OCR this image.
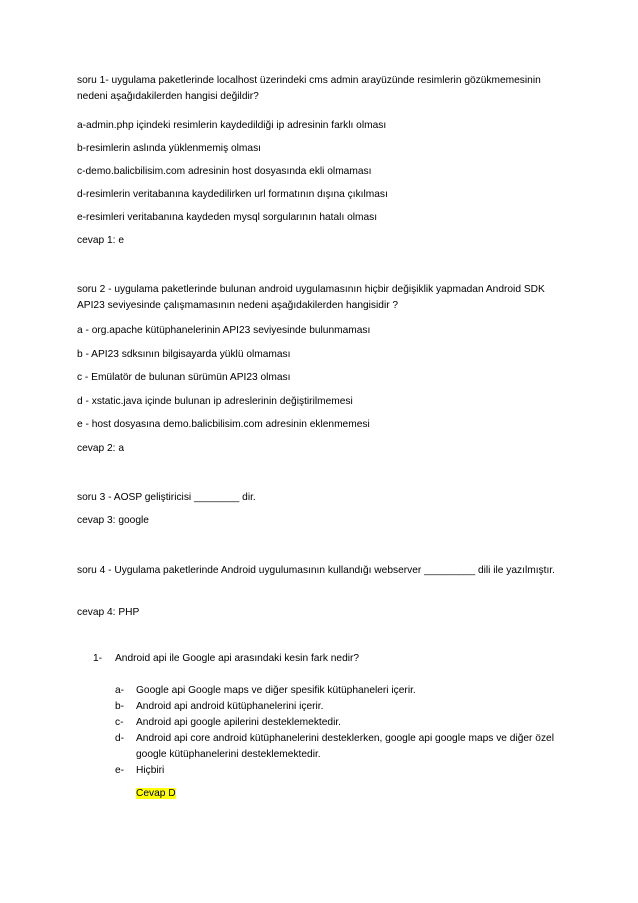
soru 1- uygulama paketlerinde localhost üzerindeki cms admin arayüzünde resimlerin gözükmemesinin nedeni aşağıdakilerden hangisi değildir?
a-admin.php içindeki resimlerin kaydedildiği ip adresinin farklı olması
b-resimlerin aslında yüklenmemiş olması
c-demo.balicbilisim.com adresinin host dosyasında ekli olmaması
d-resimlerin veritabanına kaydedilirken url formatının dışına çıkılması
e-resimleri veritabanına kaydeden mysql sorgularının hatalı olması
cevap 1: e
soru 2 - uygulama paketlerinde bulunan android uygulamasının hiçbir değişiklik yapmadan Android SDK API23 seviyesinde çalışmamasının nedeni aşağıdakilerden hangisidir ?
a - org.apache kütüphanelerinin API23 seviyesinde bulunmaması
b - API23 sdksının bilgisayarda yüklü olmaması
c - Emülatör de bulunan sürümün API23 olması
d - xstatic.java içinde bulunan ip adreslerinin değiştirilmemesi
e - host dosyasına demo.balicbilisim.com adresinin eklenmemesi
cevap 2: a
soru 3 - AOSP geliştiricisi ________ dir.
cevap 3: google
soru 4 - Uygulama paketlerinde Android uygulumasının kullandığı webserver _________ dili ile yazılmıştır.
cevap 4: PHP
1- Android api ile Google api arasındaki kesin fark nedir?
a- Google api Google maps ve diğer spesifik kütüphaneleri içerir.
b- Android api android kütüphanelerini içerir.
c- Android api google apilerini desteklemektedir.
d- Android api core android kütüphanelerini desteklerken, google api google maps ve diğer özel google kütüphanelerini desteklemektedir.
e- Hiçbiri
Cevap D
